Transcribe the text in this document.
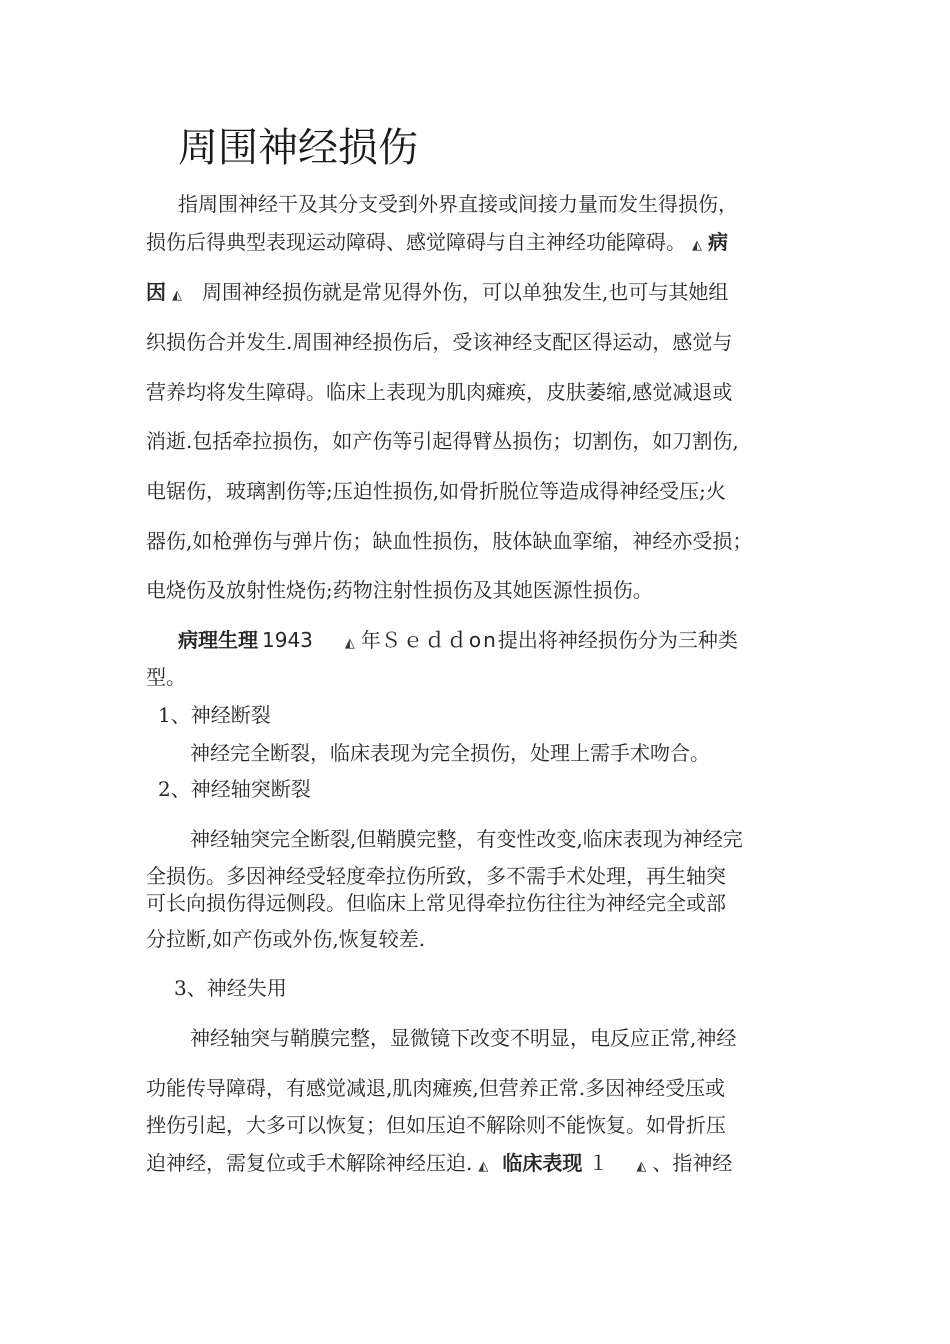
周围神经损伤

指周围神经干及其分支受到外界直接或间接力量而发生得损伤，

损伤后得典型表现运动障碍、感觉障碍与自主神经功能障碍。 ◭ 病

因 ◭ 周围神经损伤就是常见得外伤，可以单独发生,也可与其她组

织损伤合并发生.周围神经损伤后，受该神经支配区得运动，感觉与

营养均将发生障碍。临床上表现为肌肉瘫痪，皮肤萎缩,感觉减退或

消逝.包括牵拉损伤，如产伤等引起得臂丛损伤；切割伤，如刀割伤,

电锯伤，玻璃割伤等;压迫性损伤,如骨折脱位等造成得神经受压;火

器伤,如枪弹伤与弹片伤；缺血性损伤，肢体缺血挛缩，神经亦受损；

电烧伤及放射性烧伤;药物注射性损伤及其她医源性损伤。

病理生理 1943 ◭ 年Ｓｅｄｄon提出将神经损伤分为三种类

型。

1、神经断裂

神经完全断裂，临床表现为完全损伤，处理上需手术吻合。

2、神经轴突断裂

神经轴突完全断裂,但鞘膜完整，有变性改变,临床表现为神经完

全损伤。多因神经受轻度牵拉伤所致，多不需手术处理，再生轴突

可长向损伤得远侧段。但临床上常见得牵拉伤往往为神经完全或部

分拉断,如产伤或外伤,恢复较差.

3、神经失用

神经轴突与鞘膜完整，显微镜下改变不明显，电反应正常,神经

功能传导障碍，有感觉减退,肌肉瘫痪,但营养正常.多因神经受压或

挫伤引起，大多可以恢复；但如压迫不解除则不能恢复。如骨折压

迫神经，需复位或手术解除神经压迫. ◭ 临床表现 １ ◭ 、指神经
